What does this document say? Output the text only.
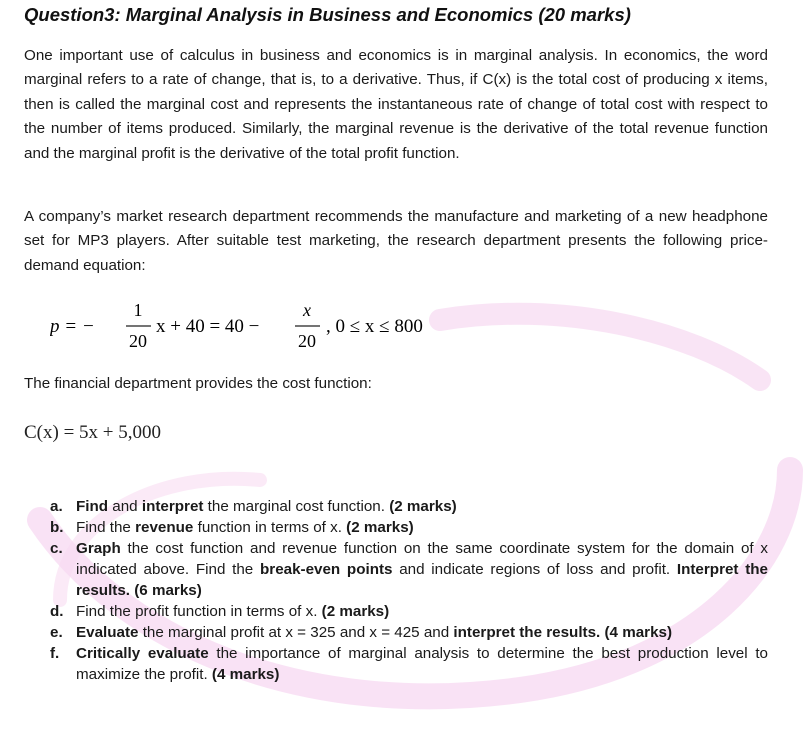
Question3: Marginal Analysis in Business and Economics (20 marks)

One important use of calculus in business and economics is in marginal analysis. In economics, the word marginal refers to a rate of change, that is, to a derivative. Thus, if C(x) is the total cost of producing x items, then is called the marginal cost and represents the instantaneous rate of change of total cost with respect to the number of items produced. Similarly, the marginal revenue is the derivative of the total revenue function and the marginal profit is the derivative of the total profit function.

A company’s market research department recommends the manufacture and marketing of a new headphone set for MP3 players. After suitable test marketing, the research department presents the following price-demand equation:

p = −
1
20
x + 40 = 40 −
x
20
, 0 ≤ x ≤ 800

The financial department provides the cost function:

C(x) = 5x + 5,000
a. Find and interpret the marginal cost function. (2 marks)
b. Find the revenue function in terms of x. (2 marks)
c. Graph the cost function and revenue function on the same coordinate system for the domain of x indicated above. Find the break-even points and indicate regions of loss and profit. Interpret the results. (6 marks)
d. Find the profit function in terms of x. (2 marks)
e. Evaluate the marginal profit at x = 325 and x = 425 and interpret the results. (4 marks)
f. Critically evaluate the importance of marginal analysis to determine the best production level to maximize the profit. (4 marks)
